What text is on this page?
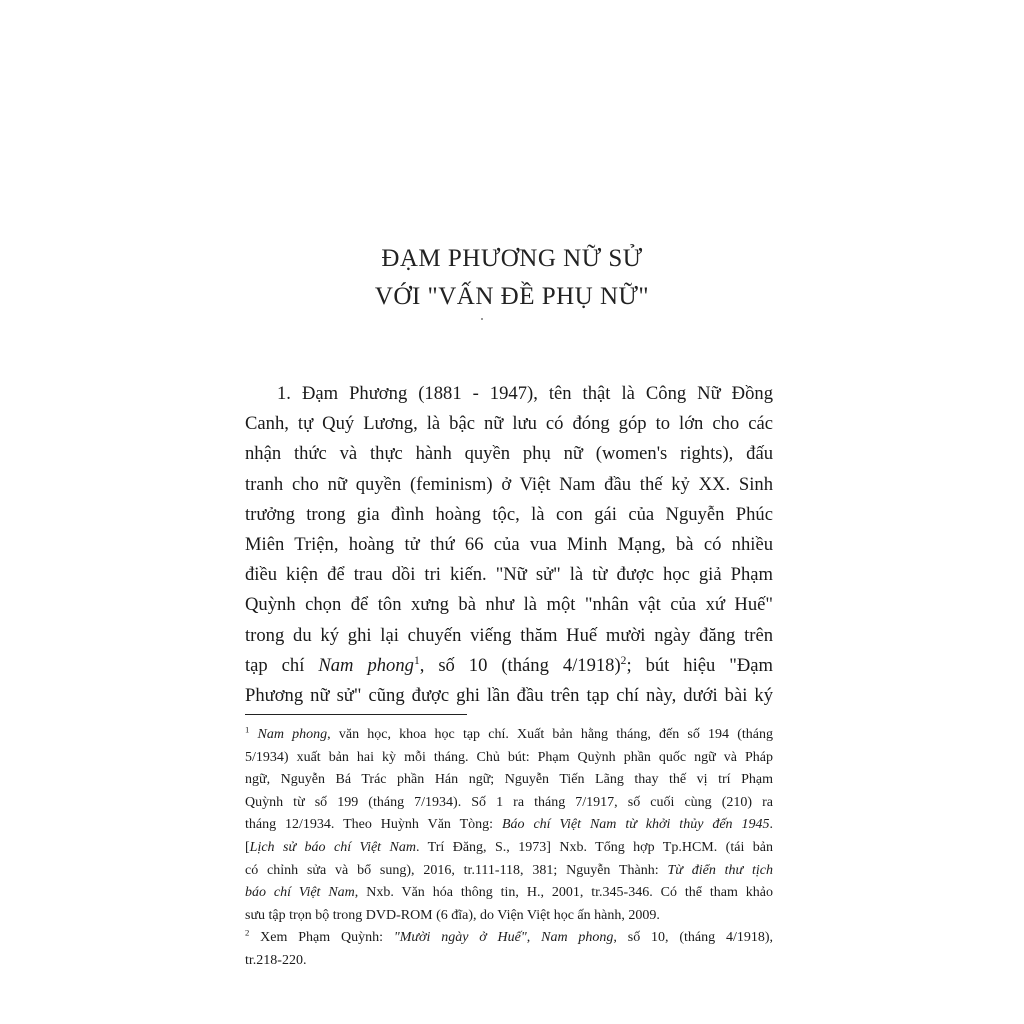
ĐẠM PHƯƠNG NỮ SỬ
VỚI "VẤN ĐỀ PHỤ NỮ"
1. Đạm Phương (1881 - 1947), tên thật là Công Nữ Đồng
Canh, tự Quý Lương, là bậc nữ lưu có đóng góp to lớn cho các
nhận thức và thực hành quyền phụ nữ (women's rights), đấu
tranh cho nữ quyền (feminism) ở Việt Nam đầu thế kỷ XX. Sinh
trưởng trong gia đình hoàng tộc, là con gái của Nguyễn Phúc
Miên Triện, hoàng tử thứ 66 của vua Minh Mạng, bà có nhiều
điều kiện để trau dồi tri kiến. "Nữ sử" là từ được học giả Phạm
Quỳnh chọn để tôn xưng bà như là một "nhân vật của xứ Huế"
trong du ký ghi lại chuyến viếng thăm Huế mười ngày đăng trên
tạp chí Nam phong$^1$, số 10 (tháng 4/1918)$^2$; bút hiệu "Đạm
Phương nữ sử" cũng được ghi lần đầu trên tạp chí này, dưới bài ký
$^1$ Nam phong, văn học, khoa học tạp chí. Xuất bản hằng tháng, đến số 194 (tháng
5/1934) xuất bản hai kỳ mỗi tháng. Chủ bút: Phạm Quỳnh phần quốc ngữ và Pháp
ngữ, Nguyễn Bá Trác phần Hán ngữ; Nguyễn Tiến Lãng thay thế vị trí Phạm
Quỳnh từ số 199 (tháng 7/1934). Số 1 ra tháng 7/1917, số cuối cùng (210) ra
tháng 12/1934. Theo Huỳnh Văn Tòng: Báo chí Việt Nam từ khởi thủy đến 1945.
[Lịch sử báo chí Việt Nam. Trí Đăng, S., 1973] Nxb. Tổng hợp Tp.HCM. (tái bản
có chỉnh sửa và bổ sung), 2016, tr.111-118, 381; Nguyễn Thành: Từ điển thư tịch
báo chí Việt Nam, Nxb. Văn hóa thông tin, H., 2001, tr.345-346. Có thể tham khảo
sưu tập trọn bộ trong DVD-ROM (6 đĩa), do Viện Việt học ấn hành, 2009.
$^2$ Xem Phạm Quỳnh: "Mười ngày ở Huế", Nam phong, số 10, (tháng 4/1918),
tr.218-220.
